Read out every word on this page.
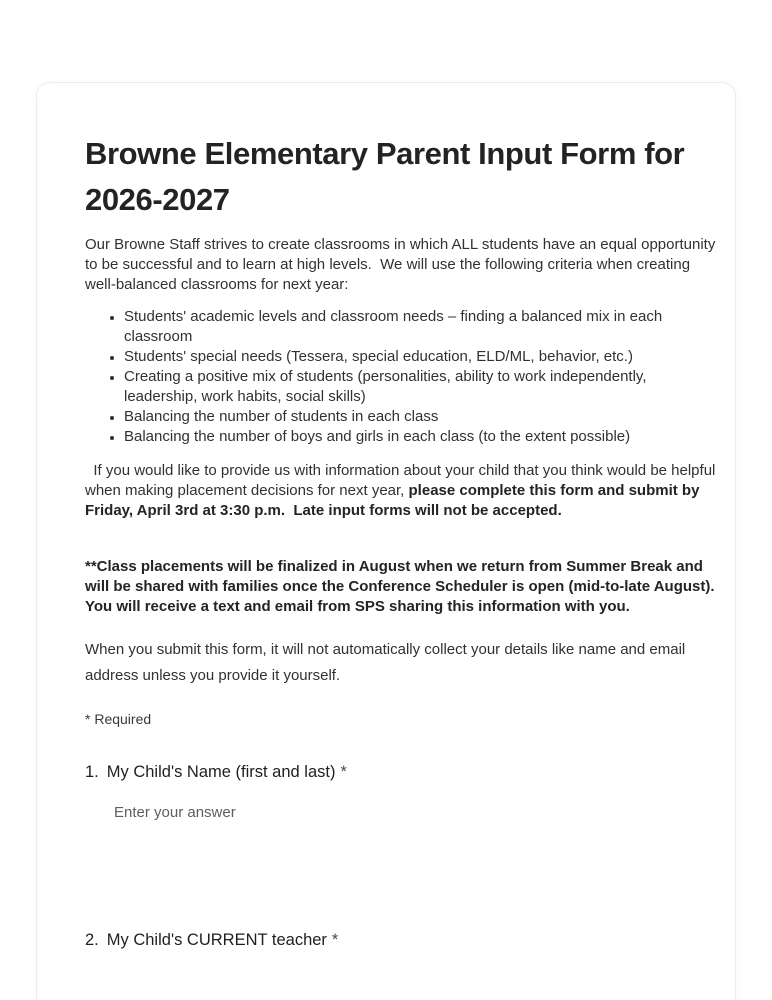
Browne Elementary Parent Input Form for 2026-2027

Our Browne Staff strives to create classrooms in which ALL students have an equal opportunity to be successful and to learn at high levels.  We will use the following criteria when creating well-balanced classrooms for next year:

• Students' academic levels and classroom needs – finding a balanced mix in each classroom
• Students' special needs (Tessera, special education, ELD/ML, behavior, etc.)
• Creating a positive mix of students (personalities, ability to work independently, leadership, work habits, social skills)
• Balancing the number of students in each class
• Balancing the number of boys and girls in each class (to the extent possible)

If you would like to provide us with information about your child that you think would be helpful when making placement decisions for next year, please complete this form and submit by Friday, April 3rd at 3:30 p.m.  Late input forms will not be accepted.

**Class placements will be finalized in August when we return from Summer Break and will be shared with families once the Conference Scheduler is open (mid-to-late August).  You will receive a text and email from SPS sharing this information with you.

When you submit this form, it will not automatically collect your details like name and email address unless you provide it yourself.

* Required

1. My Child's Name (first and last) *
Enter your answer
2. My Child's CURRENT teacher *
